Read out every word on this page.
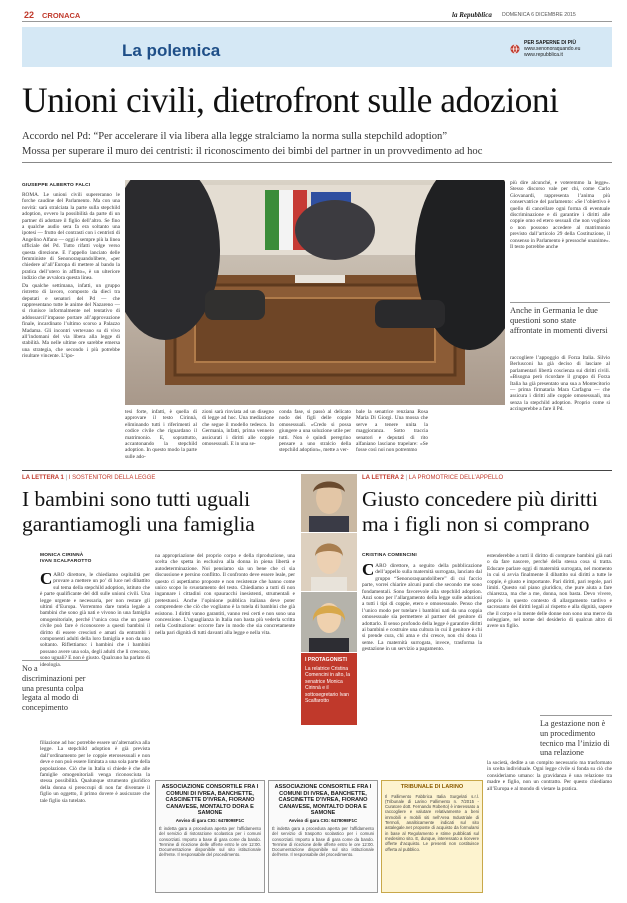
22 CRONACA	la Repubblica DOMENICA 6 DICEMBRE 2015
La polemica	PER SAPERNE DI PIÙ
www.senonoraquando.eu
www.repubblica.it
Unioni civili, dietrofront sulle adozioni
Accordo nel Pd: “Per accelerare il via libera alla legge stralciamo la norma sulla stepchild adoption”
Mossa per superare il muro dei centristi: il riconoscimento dei bimbi del partner in un provvedimento ad hoc
GIUSEPPE ALBERTO FALCI

ROMA. Le unioni civili supereranno le forche caudine del Parlamento. Ma con una novità: sarà stralciata la parte sulla stepchild adoption, ovvero la possibilità da parte di un partner di adottare il figlio dell’altro. Se fino a qualche audio sera fa era soltanto una ipotesi — frutto del contrasti con i centristi di Angelino Alfano — oggi è sempre più la linea ufficiale del Pd. Tutto rifatti volge verso questa direzione. E l’appello lanciato delle femministe di Senonoraquandolibere, «per chiedere al’all’Europa di mettere al bando la pratica dell’utero in affitto», è un ulteriore indizio che avvalora questa linea.

Da qualche settimana, infatti, un gruppo ristretto di lavoro, composto da dieci tra deputati e senatori del Pd — che rappresentano tutte le anime del Nazareno — si riunisce informalmente nel tentativo di addossarcil’impasse portare all’approvazione finale, incardinato l’ultimo scorso a Palazzo Madama. Gli incontri vertevano su di vivo all’indomani del via libera alla legge di stabilità. Ma nelle ultime ore sarebbe emersa una strategia, che secondo i più potrebbe risultare vincente. L’ipo-

tesi forte, infatti, è quella di approvare il testo Cirinnà, eliminando tutti i riferimenti al codice civile che riguardano il matrimonio. E, soprattutto, accantonando la stepchild adoption. In questo modo la parte sulle ado-
zioni sarà rinviata ad un disegno di legge ad hoc. Una mediazione che segue il modello tedesco. In Germania, infatti, prima vennero assicurati i diritti alle coppie omosessuali. E in una se-
conda fase, si passò al delicato nodo dei figli delle coppie omosessuali. «Credo si possa giungere a una soluzione utile per tutti. Non è quindi peregrino pensare a uno stralcio della stepchild adoption», mette a ver-
bale la senatrice renziana Rosa Maria Di Giorgi. Una mossa che serve a tenere unita la maggioranza. Sotto traccia senatori e deputati di rito alfaniano lasciano trapelare: «Se fosse così noi non potremmo

più dire alcunché, e voteremmo la legge». Stesso discorso vale per chi, come Carlo Giovanardi, rappresenta l’anima più conservatrice del parlamento: «Se l’obiettivo è quello di cancellare ogni forma di eventuale discriminazione e di garantire i diritti alle coppie omo ed etero sessuali che non vogliono o non possono accedere al matrimonio previsto dall’articolo 29 della Costituzione, il consenso in Parlamento è pressoché unanime». Il testo potrebbe anche

Anche in Germania le due questioni sono state affrontate in momenti diversi
raccogliere l’appoggio di Forza Italia. Silvio Berlusconi ha già deciso di lasciare al parlamentari libertà coscienza sui diritti civili. «Bisogna però ricordare il gruppo di Forza Italia ha già presentato una sua a Montecitorio — prima firmataria Mara Carfagna — che assicura i diritti alle coppie omosessuali, ma senza la stepchild adoption. Proprio come si accingerebbe a fare il Pd.
LA LETTERA 1 | I SOSTENITORI DELLA LEGGE
I bambini sono tutti uguali garantiamogli una famiglia
MONICA CIRINNÀ
IVAN SCALFAROTTO
CARO direttore, le chiediamo ospitalità per provare a mettere un po’ di luce nel dibattito sul tema della stepchild adoption, istituto che è parte qualificante del ddl sulle unioni civili. Una legge urgente e necessaria, per non restare gli ultimi d’Europa. Vorremmo dare tutela legale a bambini che sono già nati e vivono in una famiglia omogenitoriale, perché l’unica cosa che un paese civile può fare è riconoscere a questi bambini il diritto di essere cresciuti e amati da entrambi i componenti adulti della loro famiglia e non da uno soltanto. Riflettiamo: i bambini che i bambini possano avere una sola, degli adulti che li crescono, sono uguali? E non è giusto. Qualcuno ha parlato di ideologia.
No a discriminazioni per una presunta colpa legata al modo di concepimento
filiazione ad hoc potrebbe essere un’alternativa alla legge. La stepchild adoption è già prevista dall’ordinamento per le coppie eterosessuali e non deve e non può essere limitata a una sola parte della popolazione. Ciò che in Italia si chiede è che alle famiglie omogenitoriali venga riconosciuta la stessa possibilità. Qualunque strumento giuridico della donna si preoccupi di non far diventare il figlio un oggetto, il primo dovere è assicurare che tale figlio sia tutelato.
na appropriazione del proprio corpo e della riproduzione, una scelta che spetta in esclusiva alla donna in piena libertà e autodeterminazione. Noi pensiamo sia un bene che ci sia discussione e persino conflitto. Il confronto deve essere leale, per questo ci aspettiamo proposte e non resistenze che hanno come unico scopo lo svuotamento del testo. Chiediamo a tutti di non ingannare i cittadini con spauracchi inesistenti, strumentali e pretestuosi. Anche l’opinione pubblica italiana deve poter comprendere che ciò che vogliamo è la tutela di bambini che già esistono. I diritti vanno garantiti, vanno resi certi e non sono una concessione. L’uguaglianza in Italia non basta più vederla scritta nella Costituzione: occorre fare in modo che sia concretamente nella pari dignità di tutti davanti alla legge e nella vita.
I PROTAGONISTI
La relatrice Cristina Comencini in alto, la senatrice Monica Cirinnà e il sottosegretario Ivan Scalfarotto
LA LETTERA 2 | LA PROMOTRICE DELL’APPELLO
Giusto concedere più diritti ma i figli non si comprano
CRISTINA COMENCINI
CARO direttore, a seguito della pubblicazione dell’appello sulla maternità surrogata, lanciato dal gruppo “Senonoraquandolibere” di cui faccio parte, vorrei chiarire alcuni punti che secondo me sono fondamentali. Sono favorevole alla stepchild adoption. Anzi sono per l’allargamento della legge sulle adozioni a tutti i tipi di coppie, etero e omosessuale. Penso che l’unico modo per tutelare i bambini nati da una coppia omosessuale sia permettere al partner del genitore di adottarlo. Il senso profondo della legge è garantire diritti ai bambini e costruire una cultura in cui il genitore è chi si prende cura, chi ama e chi cresce, non chi dona il seme. La maternità surrogata, invece, trasforma la gestazione in un servizio a pagamento.
estenderebbe a tutti il diritto di comprare bambini già nati o da fare nascere, perché della stessa cosa si tratta. Educare parlare oggi di maternità surrogata, nel momento in cui si avvia finalmente il dibattito sui diritti a tutte le coppie, è giusto e importante. Pari diritti, pari regole, pari limiti. Questo sul piano giuridico, che pure aiuta a fare chiarezza, ma che a me, donna, non basta. Devo vivere, proprio in questo contesto di allargamento tardivo e sacrosanto dei diritti legali al rispetto e alla dignità, sapere che il corpo e la mente delle donne non sono una merce da noleggiare, nel nome del desiderio di qualcun altro di avere un figlio.
La gestazione non è un procedimento tecnico ma l’inizio di una relazione
la società, dedite a un compito necessario ma trasformato in scelta individuale. Ogni legge civile si fonda su ciò che consideriamo umano: la gravidanza è una relazione tra madre e figlio, non un contratto. Per questo chiediamo all’Europa e al mondo di vietare la pratica.
ASSOCIAZIONE CONSORTILE FRA I COMUNI DI IVREA, BANCHETTE, CASCINETTE D’IVREA, FIORANO CANAVESE, MONTALTO DORA E SAMONE
Avviso di gara CIG: 6478098F1C
È indetta gara a procedura aperta per l’affidamento del servizio di ristorazione scolastica per i comuni consorziati. Importo a base di gara come da bando. Termine di ricezione delle offerte entro le ore 12:00. Documentazione disponibile sul sito istituzionale dell’ente. Il responsabile del procedimento.
ASSOCIAZIONE CONSORTILE FRA I COMUNI DI IVREA, BANCHETTE, CASCINETTE D’IVREA, FIORANO CANAVESE, MONTALTO DORA E SAMONE
Avviso di gara CIG: 6478098F1C
È indetta gara a procedura aperta per l’affidamento del servizio di trasporto scolastico per i comuni consorziati. Importo a base di gara come da bando. Termine di ricezione delle offerte entro le ore 12:00. Documentazione disponibile sul sito istituzionale dell’ente. Il responsabile del procedimento.
TRIBUNALE DI LARINO
Il Fallimento Fabbrica Italia Surgelati s.r.l. (Tribunale di Larino Fallimento n. 7/2015 - Curatore dott. Fernando Roberto) è interessato a raccogliere e valutare relativamente a beni immobili e mobili siti nell’Area Industriale di Termoli, analiticamente indicati sul sito astalegale.net proposte di acquisto da formularsi in base al Regolamento e stime pubblicati sul medesimo sito. E, dunque, interessato a ricevere offerte d’acquisto. Le presenti non costituisce offerta al pubblico.
